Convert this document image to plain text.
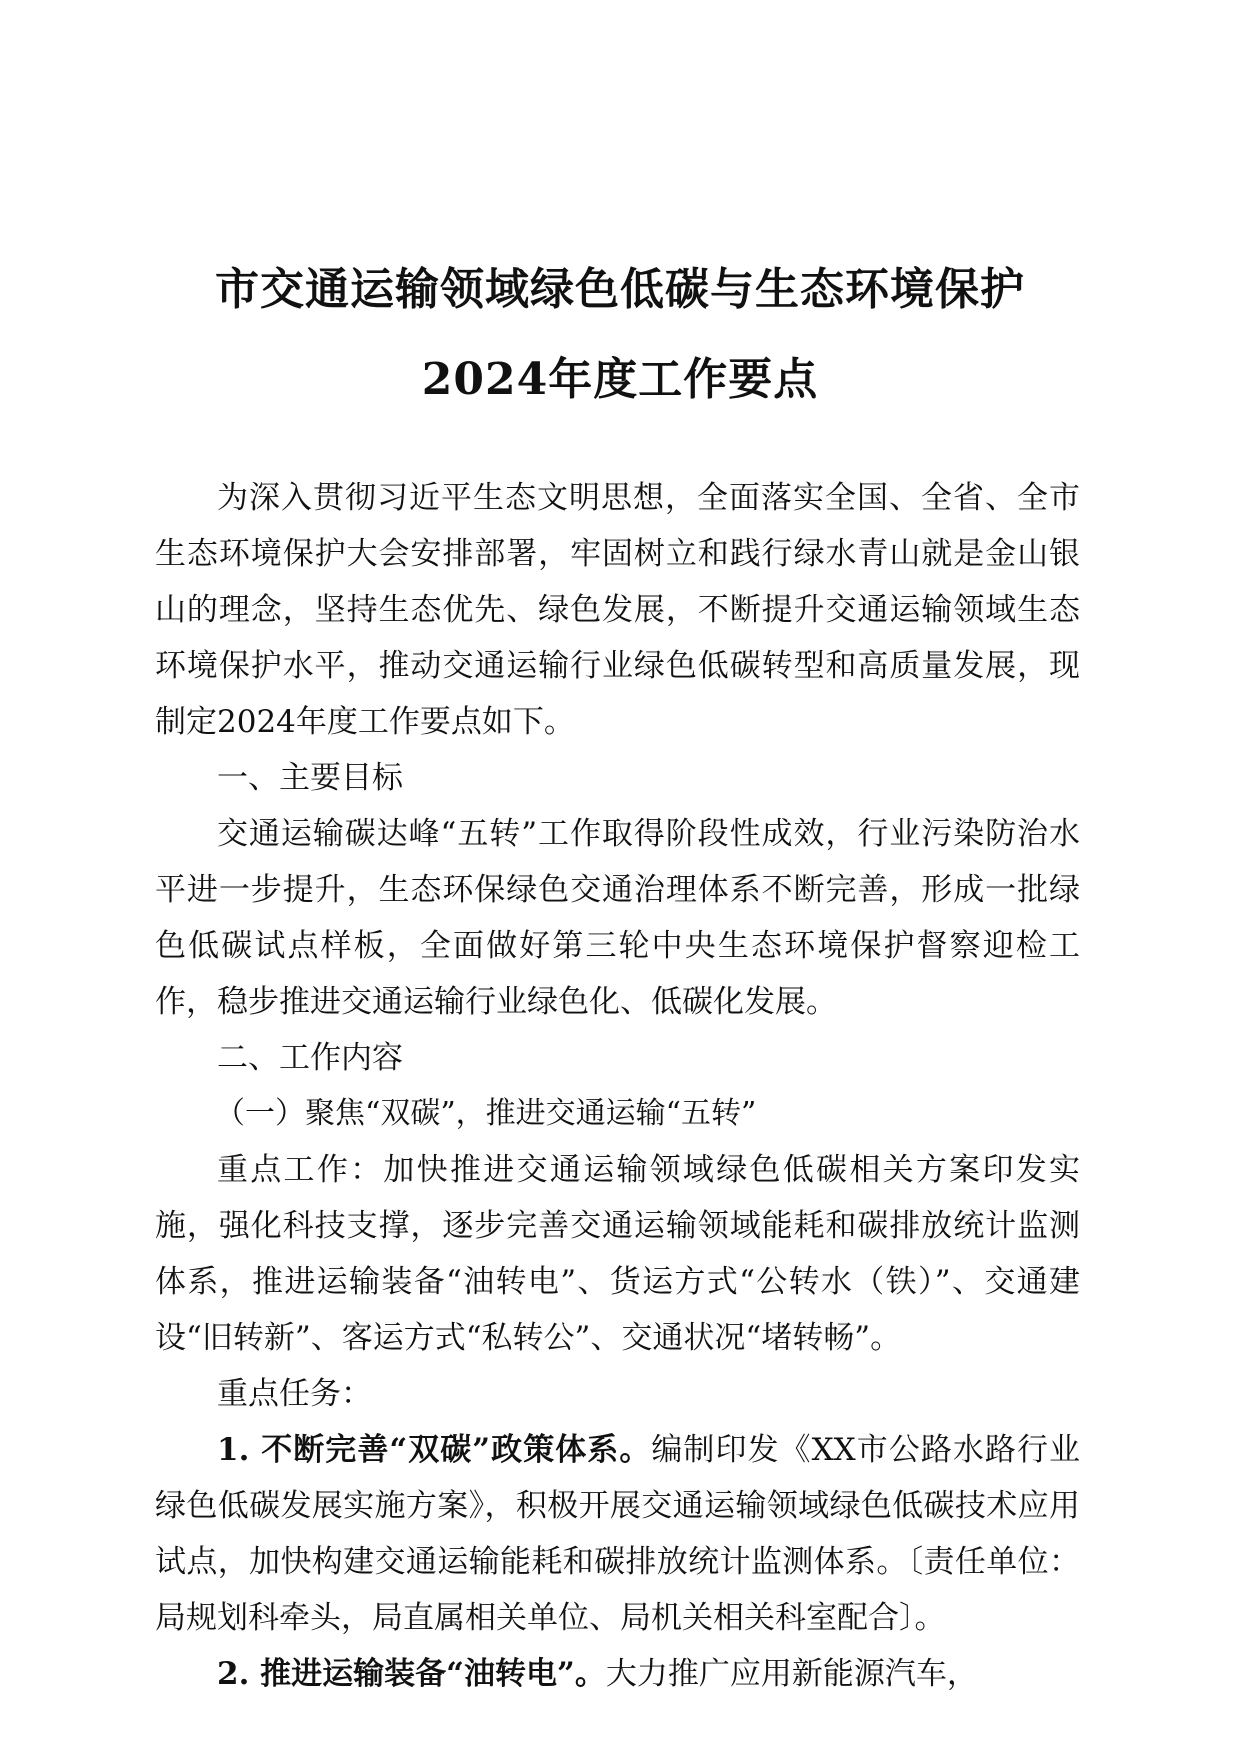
市交通运输领域绿色低碳与生态环境保护
2024年度工作要点

为深入贯彻习近平生态文明思想，全面落实全国、全省、全市生态环境保护大会安排部署，牢固树立和践行绿水青山就是金山银山的理念，坚持生态优先、绿色发展，不断提升交通运输领域生态环境保护水平，推动交通运输行业绿色低碳转型和高质量发展，现制定2024年度工作要点如下。

一、主要目标

交通运输碳达峰“五转”工作取得阶段性成效，行业污染防治水平进一步提升，生态环保绿色交通治理体系不断完善，形成一批绿色低碳试点样板，全面做好第三轮中央生态环境保护督察迎检工作，稳步推进交通运输行业绿色化、低碳化发展。

二、工作内容

（一）聚焦“双碳”，推进交通运输“五转”

重点工作：加快推进交通运输领域绿色低碳相关方案印发实施，强化科技支撑，逐步完善交通运输领域能耗和碳排放统计监测体系，推进运输装备“油转电”、货运方式“公转水（铁）”、交通建设“旧转新”、客运方式“私转公”、交通状况“堵转畅”。

重点任务：

1. 不断完善“双碳”政策体系。编制印发《XX市公路水路行业绿色低碳发展实施方案》，积极开展交通运输领域绿色低碳技术应用试点，加快构建交通运输能耗和碳排放统计监测体系。〔责任单位：局规划科牵头，局直属相关单位、局机关相关科室配合〕。

2. 推进运输装备“油转电”。大力推广应用新能源汽车，
